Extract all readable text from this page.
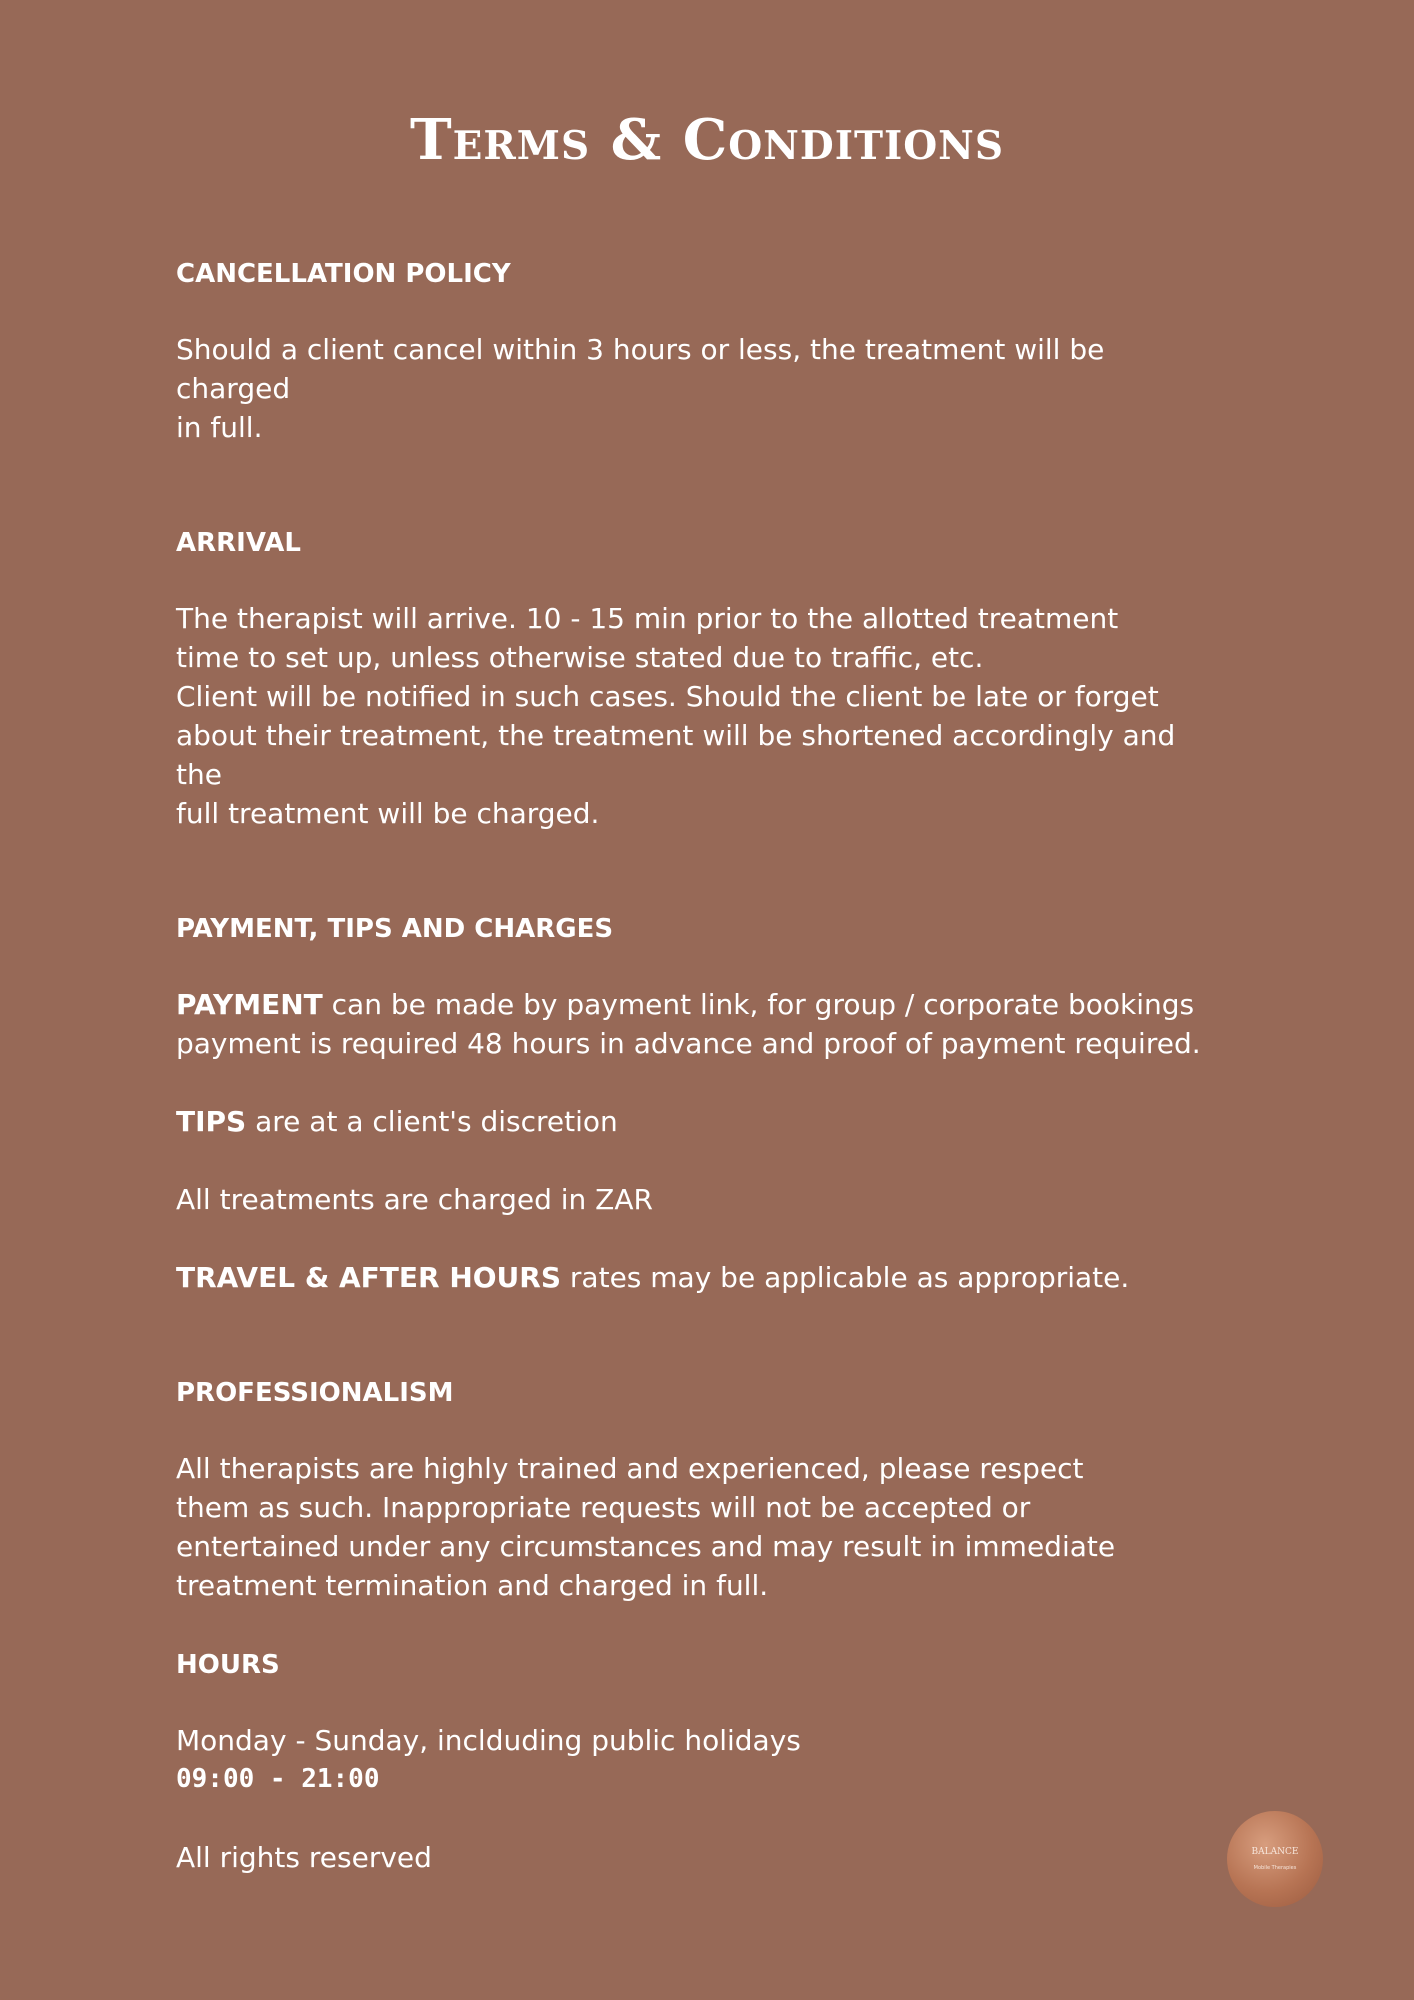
Terms & Conditions
CANCELLATION POLICY
Should a client cancel within 3 hours or less, the treatment will be charged
in full.
ARRIVAL
The therapist will arrive. 10 - 15 min prior to the allotted treatment
time to set up, unless otherwise stated due to traffic, etc.
Client will be notified in such cases. Should the client be late or forget
about their treatment, the treatment will be shortened accordingly and the
full treatment will be charged.
PAYMENT, TIPS AND CHARGES
PAYMENT can be made by payment link, for group / corporate bookings
payment is required 48 hours in advance and proof of payment required.
TIPS are at a client's discretion
All treatments are charged in ZAR
TRAVEL & AFTER HOURS rates may be applicable as appropriate.
PROFESSIONALISM
All therapists are highly trained and experienced, please respect
them as such. Inappropriate requests will not be accepted or
entertained under any circumstances and may result in immediate
treatment termination and charged in full.
HOURS
Monday - Sunday, inclduding public holidays
09:00 - 21:00
All rights reserved	BALANCE
Mobile Therapies
